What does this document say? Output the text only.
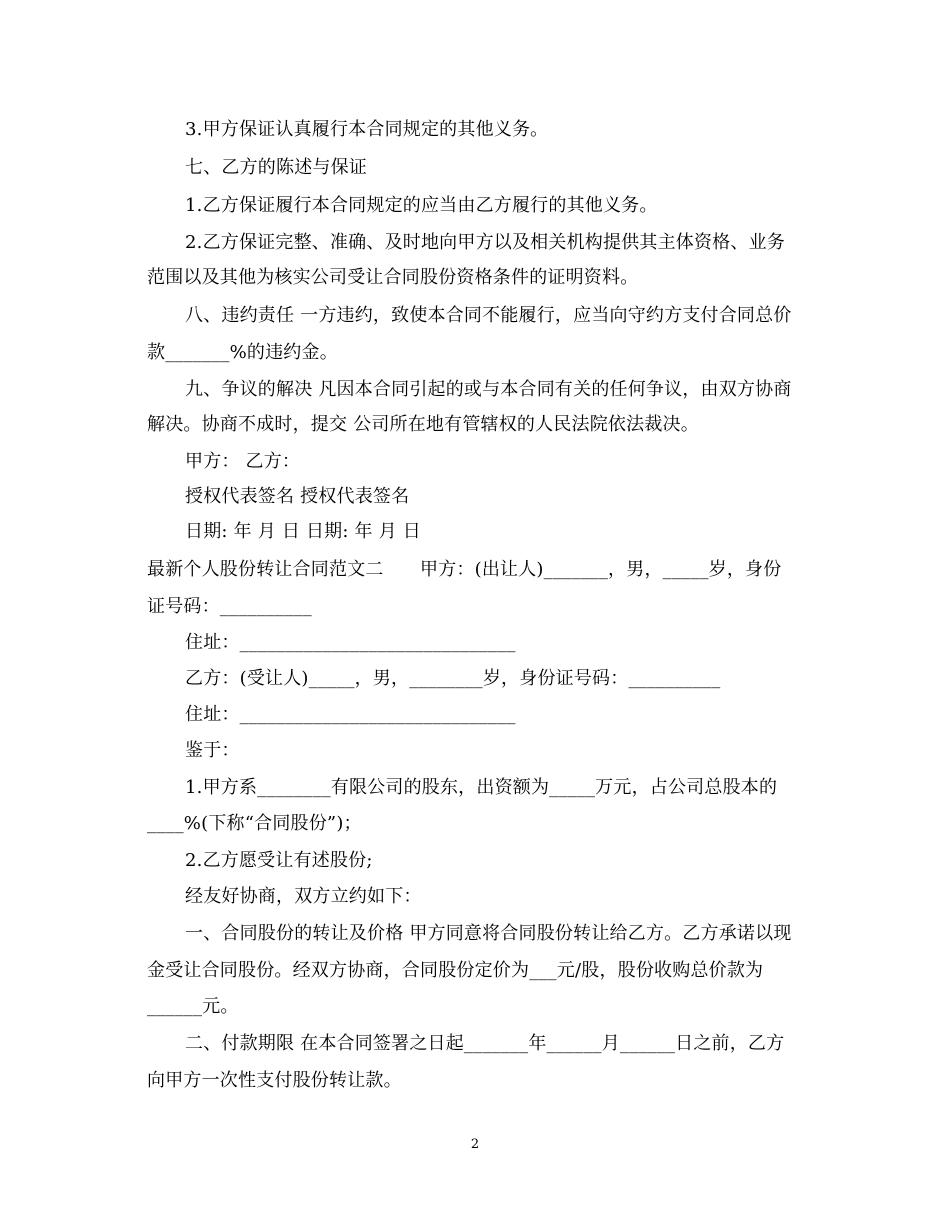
3.甲方保证认真履行本合同规定的其他义务。
七、乙方的陈述与保证
1.乙方保证履行本合同规定的应当由乙方履行的其他义务。
2.乙方保证完整、准确、及时地向甲方以及相关机构提供其主体资格、业务
范围以及其他为核实公司受让合同股份资格条件的证明资料。
八、违约责任 一方违约，致使本合同不能履行，应当向守约方支付合同总价
款_______%的违约金。
九、争议的解决 凡因本合同引起的或与本合同有关的任何争议，由双方协商
解决。协商不成时，提交 公司所在地有管辖权的人民法院依法裁决。
甲方： 乙方：
授权代表签名 授权代表签名
日期: 年 月 日 日期: 年 月 日
最新个人股份转让合同范文二　　甲方：(出让人)_______，男，_____岁，身份
证号码：__________
住址：______________________________
乙方：(受让人)_____，男，________岁，身份证号码：__________
住址：______________________________
鉴于：
1.甲方系________有限公司的股东，出资额为_____万元，占公司总股本的
____%(下称“合同股份”)；
2.乙方愿受让有述股份;
经友好协商，双方立约如下：
一、合同股份的转让及价格 甲方同意将合同股份转让给乙方。乙方承诺以现
金受让合同股份。经双方协商，合同股份定价为___元/股，股份收购总价款为
______元。
二、付款期限 在本合同签署之日起_______年______月______日之前，乙方
向甲方一次性支付股份转让款。
2
